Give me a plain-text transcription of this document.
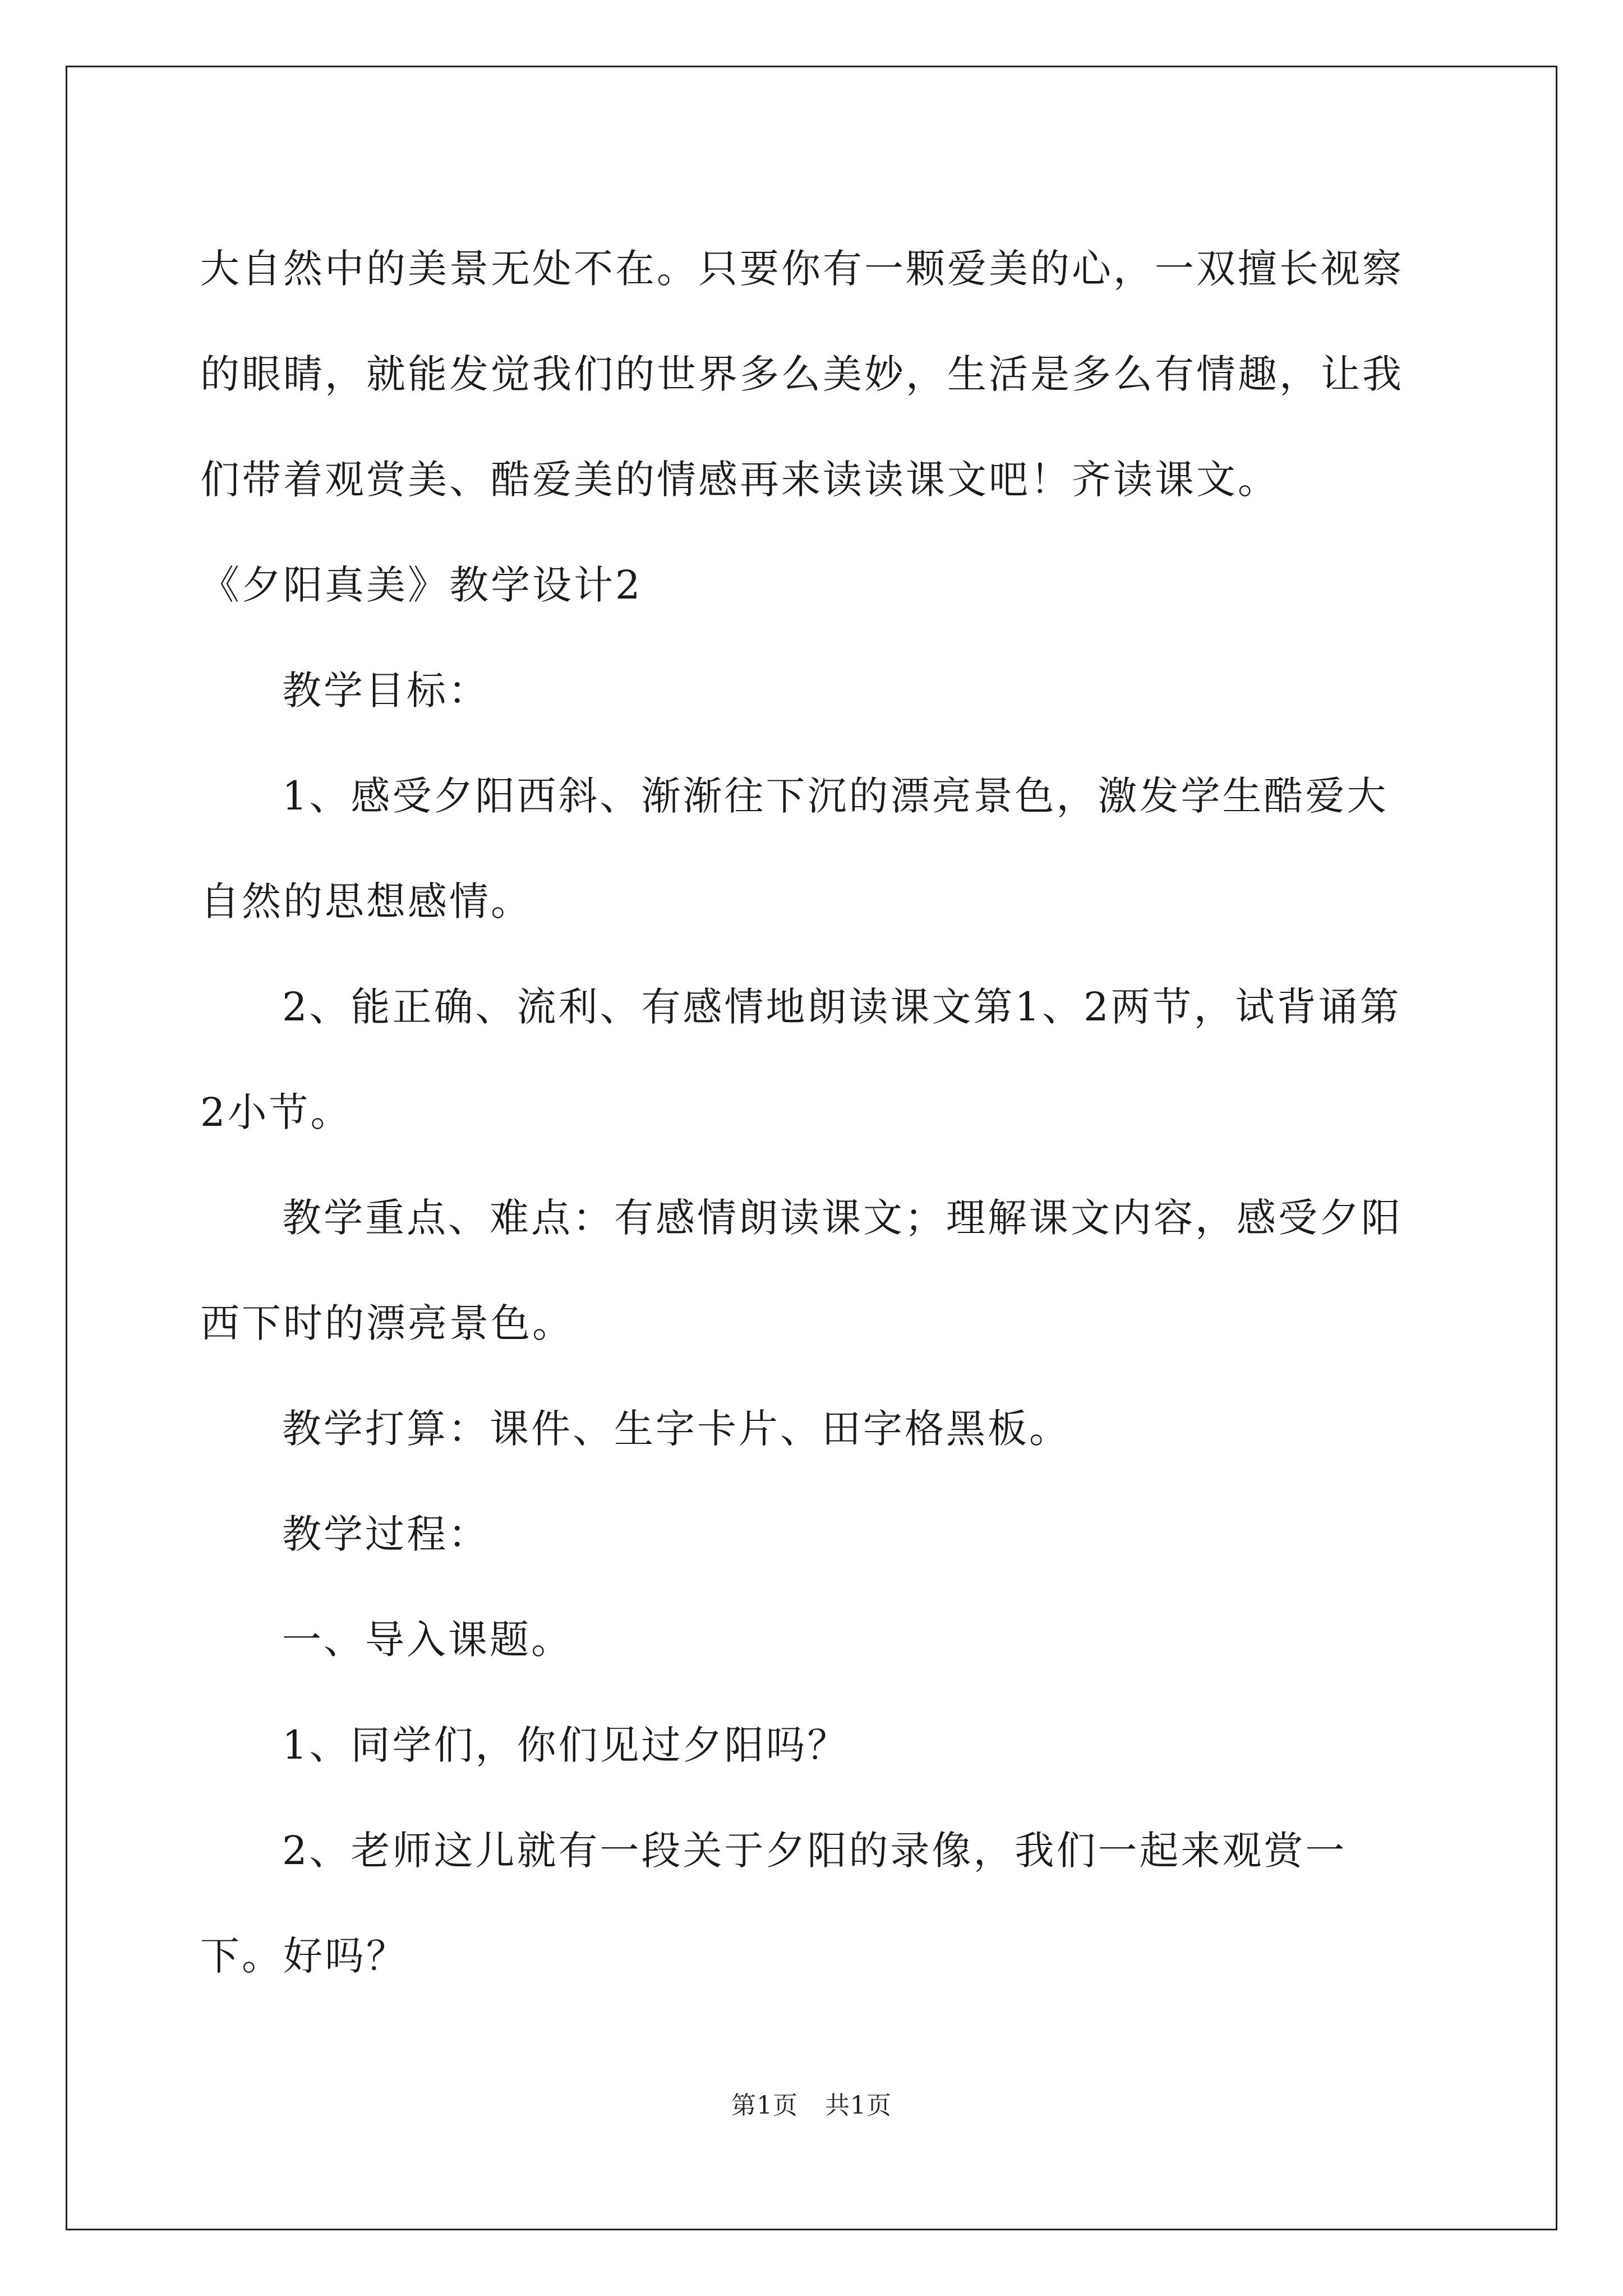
大自然中的美景无处不在。只要你有一颗爱美的心，一双擅长视察的眼睛，就能发觉我们的世界多么美妙，生活是多么有情趣，让我们带着观赏美、酷爱美的情感再来读读课文吧！齐读课文。

《夕阳真美》教学设计2

教学目标：

1、感受夕阳西斜、渐渐往下沉的漂亮景色，激发学生酷爱大自然的思想感情。

2、能正确、流利、有感情地朗读课文第1、2两节，试背诵第2小节。

教学重点、难点：有感情朗读课文；理解课文内容，感受夕阳西下时的漂亮景色。

教学打算：课件、生字卡片、田字格黑板。

教学过程：

一、导入课题。

1、同学们，你们见过夕阳吗？

2、老师这儿就有一段关于夕阳的录像，我们一起来观赏一下。好吗？

第1页 共1页
